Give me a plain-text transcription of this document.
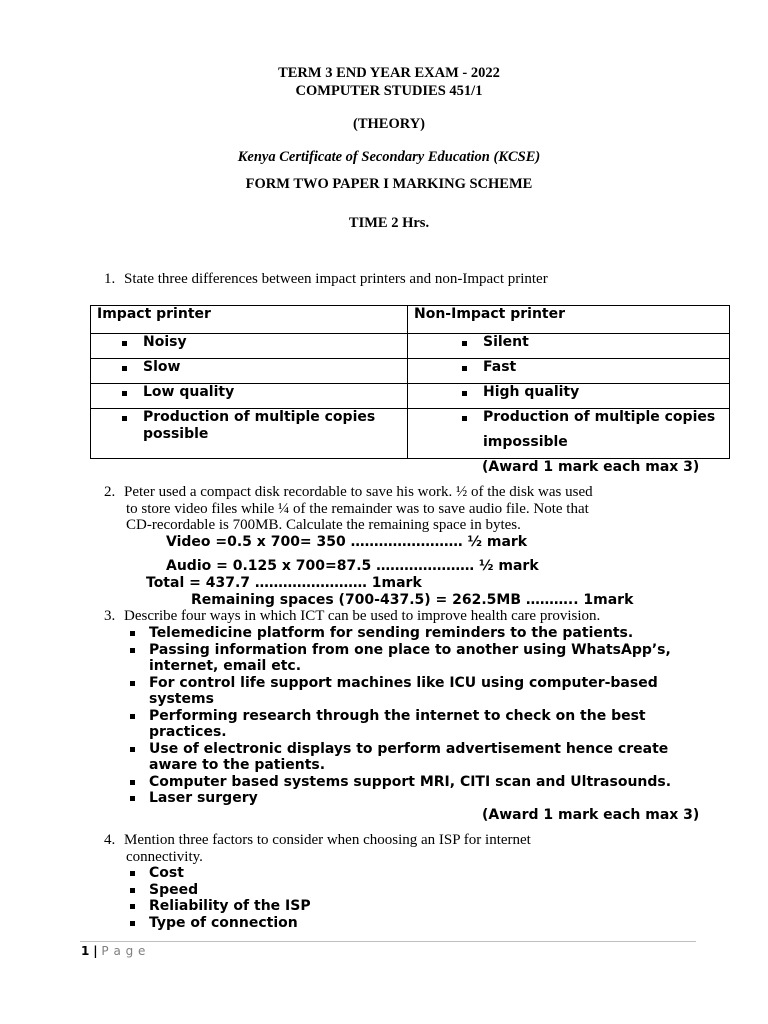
TERM 3 END YEAR EXAM - 2022
COMPUTER STUDIES 451/1
(THEORY)
Kenya Certificate of Secondary Education (KCSE)
FORM TWO PAPER I MARKING SCHEME
TIME 2 Hrs.
1. State three differences between impact printers and non-Impact printer
Impact printer	Non-Impact printer

Noisy	Silent

Slow	Fast

Low quality	High quality

Production of multiple copies possible	Production of multiple copies impossible
(Award 1 mark each max 3)
2. Peter used a compact disk recordable to save his work. ½ of the disk was used
to store video files while ¼ of the remainder was to save audio file. Note that
CD-recordable is 700MB. Calculate the remaining space in bytes.
Video =0.5 x 700= 350 …………………… ½ mark
Audio = 0.125 x 700=87.5 ………………… ½ mark
Total = 437.7 …………………… 1mark
Remaining spaces (700-437.5) = 262.5MB ……….. 1mark
3. Describe four ways in which ICT can be used to improve health care provision.
Telemedicine platform for sending reminders to the patients.
Passing information from one place to another using WhatsApp’s,
internet, email etc.
For control life support machines like ICU using computer-based
systems
Performing research through the internet to check on the best
practices.
Use of electronic displays to perform advertisement hence create
aware to the patients.
Computer based systems support MRI, CITI scan and Ultrasounds.
Laser surgery
(Award 1 mark each max 3)
4. Mention three factors to consider when choosing an ISP for internet
connectivity.
Cost
Speed
Reliability of the ISP
Type of connection
1 | P a g e
